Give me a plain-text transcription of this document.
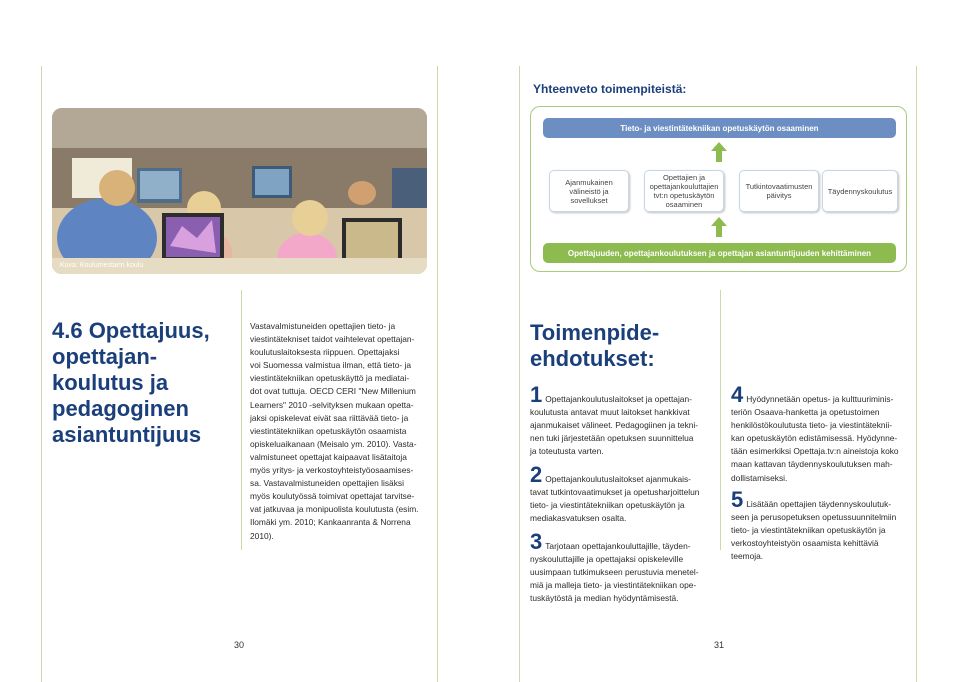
Kuva: Koulumestarin koulu
Yhteenveto toimenpiteistä:
Tieto- ja viestintätekniikan opetuskäytön osaaminen
Ajanmukainen välineistö ja sovellukset
Opettajien ja opettajankouluttajien tvt:n opetuskäytön osaaminen
Tutkintovaatimusten päivitys	Täydennyskoulutus
Opettajuuden, opettajankoulutuksen ja opettajan asiantuntijuuden kehittäminen
4.6 Opettajuus,
opettajan-
koulutus ja
pedagoginen
asiantuntijuus
Vastavalmistuneiden opettajien tieto- ja
viestintätekniset taidot vaihtelevat opettajan-
koulutuslaitoksesta riippuen. Opettajaksi
voi Suomessa valmistua ilman, että tieto- ja
viestintätekniikan opetuskäyttö ja mediatai-
dot ovat tuttuja. OECD CERI "New Millenium
Learners" 2010 -selvityksen mukaan opetta-
jaksi opiskelevat eivät saa riittävää tieto- ja
viestintätekniikan opetuskäytön osaamista
opiskeluaikanaan (Meisalo ym. 2010). Vasta-
valmistuneet opettajat kaipaavat lisätaitoja
myös yritys- ja verkostoyhteistyöosaamises-
sa. Vastavalmistuneiden opettajien lisäksi
myös koulutyössä toimivat opettajat tarvitse-
vat jatkuvaa ja monipuolista koulutusta (esim.
Ilomäki ym. 2010; Kankaanranta & Norrena
2010).
Toimenpide-
ehdotukset:
1 Opettajankoulutuslaitokset ja opettajan-
koulutusta antavat muut laitokset hankkivat
ajanmukaiset välineet. Pedagogiinen ja tekni-
nen tuki järjestetään opetuksen suunnittelua
ja toteutusta varten.
2 Opettajankoulutuslaitokset ajanmukais-
tavat tutkintovaatimukset ja opetusharjoittelun
tieto- ja viestintätekniikan opetuskäytön ja
mediakasvatuksen osalta.
3 Tarjotaan opettajankouluttajille, täyden-
nyskouluttajille ja opettajaksi opiskeleville
uusimpaan tutkimukseen perustuvia menetel-
miä ja malleja tieto- ja viestintätekniikan ope-
tuskäytöstä ja median hyödyntämisestä.
4 Hyödynnetään opetus- ja kulttuuriminis-
teriön Osaava-hanketta ja opetustoimen
henkilöstökoulutusta tieto- ja viestintäteknii-
kan opetuskäytön edistämisessä. Hyödynne-
tään esimerkiksi Opettaja.tv:n aineistoja koko
maan kattavan täydennyskoulutuksen mah-
dollistamiseksi.
5 Lisätään opettajien täydennyskoulutuk-
seen ja perusopetuksen opetussuunnitelmiin
tieto- ja viestintätekniikan opetuskäytön ja
verkostoyhteistyön osaamista kehittäviä
teemoja.
30	31
